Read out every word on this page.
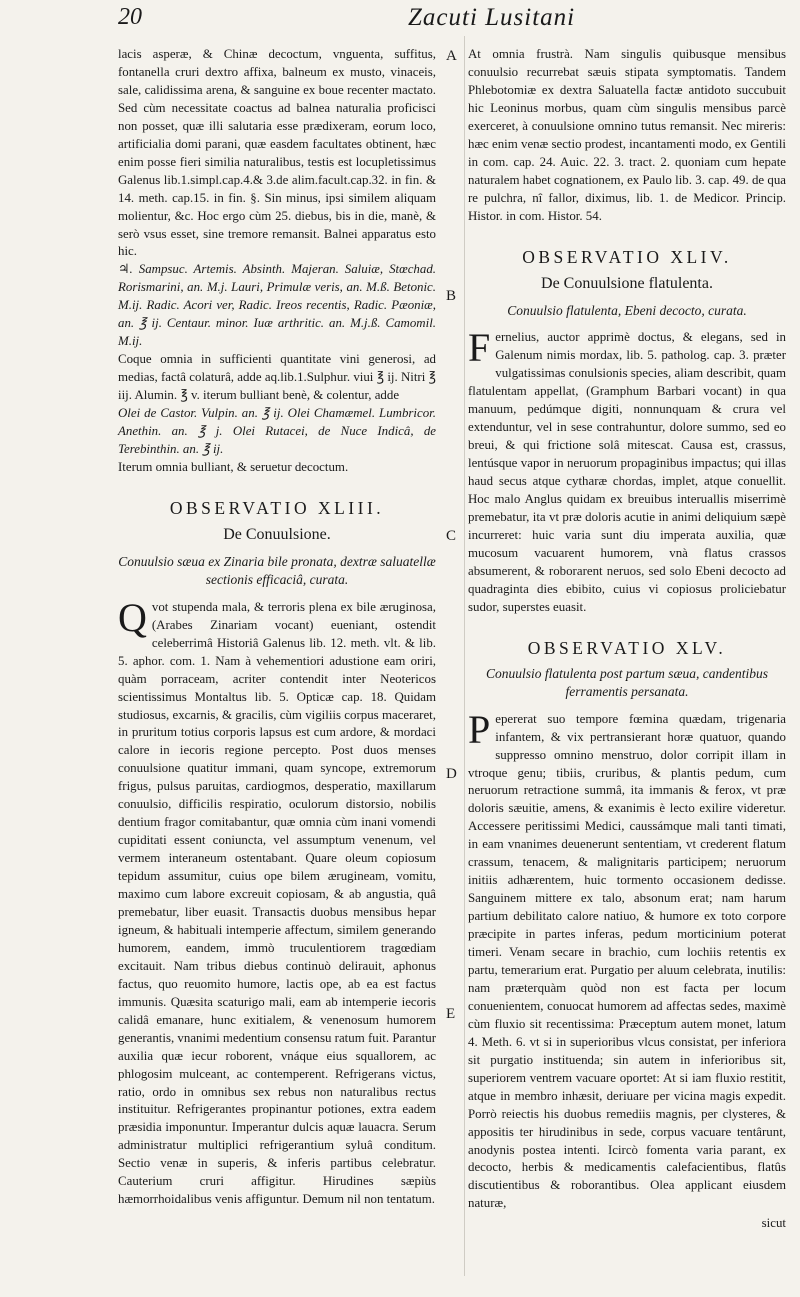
20	Zacuti Lusitani
A
B
C
D
E

lacis asperæ, & Chinæ decoctum, vnguenta, suffitus, fontanella cruri dextro affixa, balneum ex musto, vinaceis, sale, calidissima arena, & sanguine ex boue recenter mactato. Sed cùm necessitate coactus ad balnea naturalia proficisci non posset, quæ illi salutaria esse prædixeram, eorum loco, artificialia domi parani, quæ easdem facultates obtinent, hæc enim posse fieri similia naturalibus, testis est locupletissimus Galenus lib.1.simpl.cap.4.& 3.de alim.facult.cap.32. in fin. & 14. meth. cap.15. in fin. §. Sin minus, ipsi similem aliquam molientur, &c. Hoc ergo cùm 25. diebus, bis in die, manè, & serò vsus esset, sine tremore remansit. Balnei apparatus esto hic.

♃. Sampsuc. Artemis. Absinth. Majeran. Saluiæ, Stœchad. Rorismarini, an. M.j. Lauri, Primulæ veris, an. M.ß. Betonic. M.ij. Radic. Acori ver, Radic. Ireos recentis, Radic. Pæoniæ, an. ℥ ij. Centaur. minor. Iuæ arthritic. an. M.j.ß. Camomil. M.ij.

Coque omnia in sufficienti quantitate vini generosi, ad medias, factâ colaturâ, adde aq.lib.1.Sulphur. viui ℥ ij. Nitri ℥ iij. Alumin. ℥ v. iterum bulliant benè, & colentur, adde

Olei de Castor. Vulpin. an. ℥ ij. Olei Chamæmel. Lumbricor. Anethin. an. ℥ j. Olei Rutacei, de Nuce Indicâ, de Terebinthin. an. ℥ ij.

Iterum omnia bulliant, & seruetur decoctum.

OBSERVATIO XLIII.
De Conuulsione.
Conuulsio sæua ex Zinaria bile pronata, dextræ saluatellæ sectionis efficaciâ, curata.

Qvot stupenda mala, & terroris plena ex bile æruginosa, (Arabes Zinariam vocant) eueniant, ostendit celeberrimâ Historiâ Galenus lib. 12. meth. vlt. & lib. 5. aphor. com. 1. Nam à vehementiori adustione eam oriri, quàm porraceam, acriter contendit inter Neotericos scientissimus Montaltus lib. 5. Opticæ cap. 18. Quidam studiosus, excarnis, & gracilis, cùm vigiliis corpus maceraret, in pruritum totius corporis lapsus est cum ardore, & mordaci calore in iecoris regione percepto. Post duos menses conuulsione quatitur immani, quam syncope, extremorum frigus, pulsus paruitas, cardiogmos, desperatio, maxillarum conuulsio, difficilis respiratio, oculorum distorsio, nobilis dentium fragor comitabantur, quæ omnia cùm inani vomendi cupiditati essent coniuncta, vel assumptum venenum, vel vermem interaneum ostentabant. Quare oleum copiosum tepidum assumitur, cuius ope bilem ærugineam, vomitu, maximo cum labore excreuit copiosam, & ab angustia, quâ premebatur, liber euasit. Transactis duobus mensibus hepar igneum, & habituali intemperie affectum, similem generando humorem, eandem, immò truculentiorem tragœdiam excitauit. Nam tribus diebus continuò delirauit, aphonus factus, quo reuomito humore, lactis ope, ab ea est factus immunis. Quæsita scaturigo mali, eam ab intemperie iecoris calidâ emanare, hunc exitialem, & venenosum humorem generantis, vnanimi medentium consensu ratum fuit. Parantur auxilia quæ iecur roborent, vnáque eius squallorem, ac phlogosim mulceant, ac contemperent. Refrigerans victus, ratio, ordo in omnibus sex rebus non naturalibus rectus instituitur. Refrigerantes propinantur potiones, extra eadem præsidia imponuntur. Imperantur dulcis aquæ lauacra. Serum administratur multiplici refrigerantium syluâ conditum. Sectio venæ in superis, & inferis partibus celebratur. Cauterium cruri affigitur. Hirudines sæpiùs hæmorrhoidalibus venis affiguntur. Demum nil non tentatum.

At omnia frustrà. Nam singulis quibusque mensibus conuulsio recurrebat sæuis stipata symptomatis. Tandem Phlebotomiæ ex dextra Saluatella factæ antidoto succubuit hic Leoninus morbus, quam cùm singulis mensibus parcè exerceret, à conuulsione omnino tutus remansit. Nec mireris: hæc enim venæ sectio prodest, incantamenti modo, ex Gentili in com. cap. 24. Auic. 22. 3. tract. 2. quoniam cum hepate naturalem habet cognationem, ex Paulo lib. 3. cap. 49. de qua re pulchra, nî fallor, diximus, lib. 1. de Medicor. Princip. Histor. in com. Histor. 54.

OBSERVATIO XLIV.
De Conuulsione flatulenta.
Conuulsio flatulenta, Ebeni decocto, curata.

Fernelius, auctor apprimè doctus, & elegans, sed in Galenum nimis mordax, lib. 5. patholog. cap. 3. præter vulgatissimas conulsionis species, aliam describit, quam flatulentam appellat, (Gramphum Barbari vocant) in qua manuum, pedúmque digiti, nonnunquam & crura vel extenduntur, vel in sese contrahuntur, dolore summo, sed eo breui, & qui frictione solâ mitescat. Causa est, crassus, lentúsque vapor in neruorum propaginibus impactus; qui illas haud secus atque cytharæ chordas, implet, atque conuellit. Hoc malo Anglus quidam ex breuibus interuallis miserrimè premebatur, ita vt præ doloris acutie in animi deliquium sæpè incurreret: huic varia sunt diu imperata auxilia, quæ mucosum vacuarent humorem, vnà flatus crassos absumerent, & roborarent neruos, sed solo Ebeni decocto ad quadraginta dies ebibito, cuius vi copiosus proliciebatur sudor, superstes euasit.

OBSERVATIO XLV.
Conuulsio flatulenta post partum sæua, candentibus ferramentis persanata.

Pepererat suo tempore fœmina quædam, trigenaria infantem, & vix pertransierant horæ quatuor, quando suppresso omnino menstruo, dolor corripit illam in vtroque genu; tibiis, cruribus, & plantis pedum, cum neruorum retractione summâ, ita immanis & ferox, vt præ doloris sæuitie, amens, & exanimis è lecto exilire videretur. Accessere peritissimi Medici, caussámque mali tanti timati, in eam vnanimes deuenerunt sententiam, vt crederent flatum crassum, tenacem, & malignitaris participem; neruorum initiis adhærentem, huic tormento occasionem dedisse. Sanguinem mittere ex talo, absonum erat; nam harum partium debilitato calore natiuo, & humore ex toto corpore præcipite in partes inferas, pedum morticinium poterat timeri. Venam secare in brachio, cum lochiis retentis ex partu, temerarium erat. Purgatio per aluum celebrata, inutilis: nam præterquàm quòd non est facta per locum conuenientem, conuocat humorem ad affectas sedes, maximè cùm fluxio sit recentissima: Præceptum autem monet, latum 4. Meth. 6. vt si in superioribus vlcus consistat, per inferiora sit purgatio instituenda; sin autem in inferioribus sit, superiorem ventrem vacuare oportet: At si iam fluxio restitit, atque in membro inhæsit, deriuare per vicina magis expedit. Porrò reiectis his duobus remediis magnis, per clysteres, & appositis ter hirudinibus in sede, corpus vacuare tentârunt, anodynis postea intenti. Icircò fomenta varia parant, ex decocto, herbis & medicamentis calefacientibus, flatûs discutientibus & roborantibus. Olea applicant eiusdem naturæ,

sicut
